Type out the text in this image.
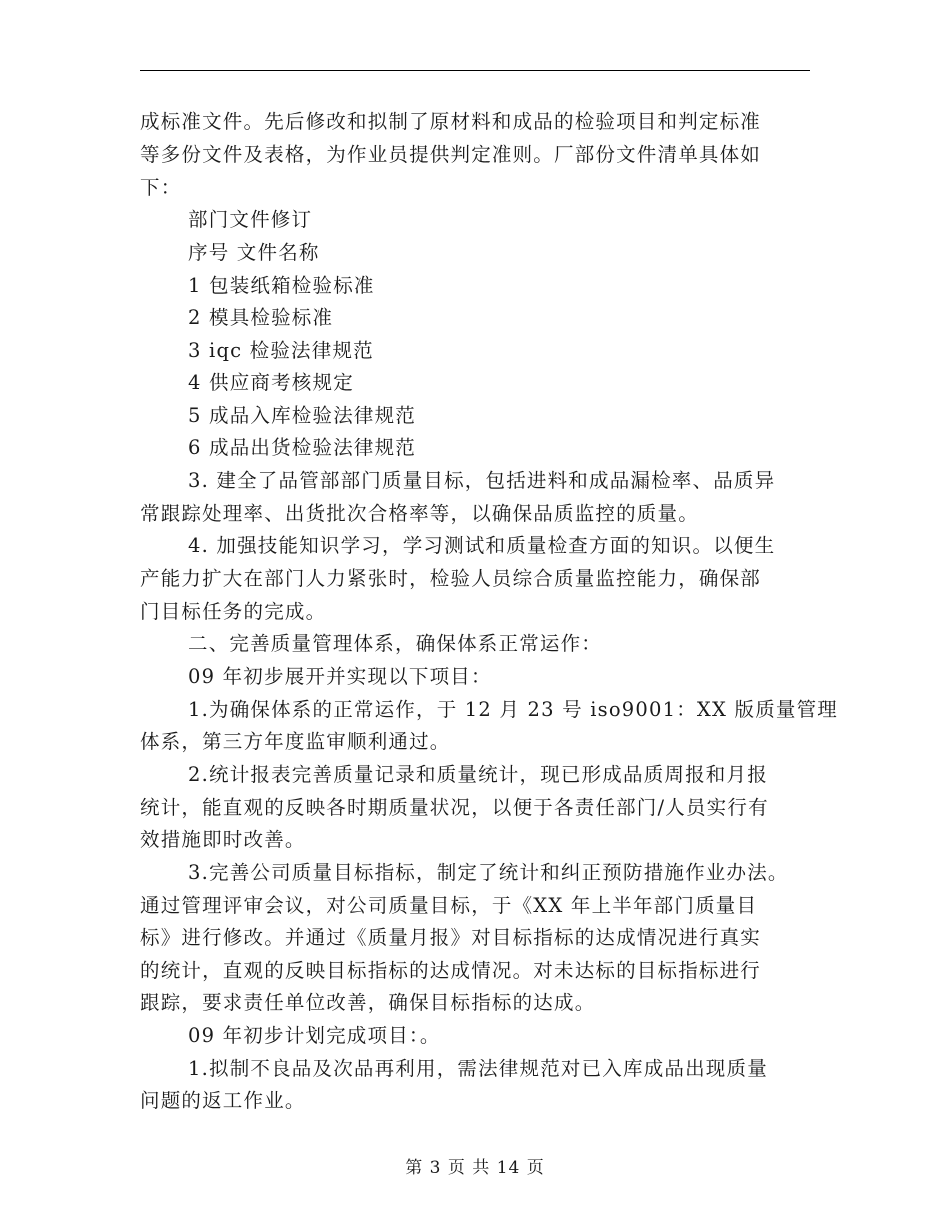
成标准文件。先后修改和拟制了原材料和成品的检验项目和判定标准
等多份文件及表格，为作业员提供判定准则。厂部份文件清单具体如
下：
部门文件修订
序号 文件名称
1 包装纸箱检验标准
2 模具检验标准
3 iqc 检验法律规范
4 供应商考核规定
5 成品入库检验法律规范
6 成品出货检验法律规范
3. 建全了品管部部门质量目标，包括进料和成品漏检率、品质异
常跟踪处理率、出货批次合格率等，以确保品质监控的质量。
4. 加强技能知识学习，学习测试和质量检查方面的知识。以便生
产能力扩大在部门人力紧张时，检验人员综合质量监控能力，确保部
门目标任务的完成。
二、完善质量管理体系，确保体系正常运作：
09 年初步展开并实现以下项目：
1.为确保体系的正常运作，于 12 月 23 号 iso9001：XX 版质量管理
体系，第三方年度监审顺利通过。
2.统计报表完善质量记录和质量统计，现已形成品质周报和月报
统计，能直观的反映各时期质量状况，以便于各责任部门/人员实行有
效措施即时改善。
3.完善公司质量目标指标，制定了统计和纠正预防措施作业办法。
通过管理评审会议，对公司质量目标，于《XX 年上半年部门质量目
标》进行修改。并通过《质量月报》对目标指标的达成情况进行真实
的统计，直观的反映目标指标的达成情况。对未达标的目标指标进行
跟踪，要求责任单位改善，确保目标指标的达成。
09 年初步计划完成项目：。
1.拟制不良品及次品再利用，需法律规范对已入库成品出现质量
问题的返工作业。
第 3 页 共 14 页
